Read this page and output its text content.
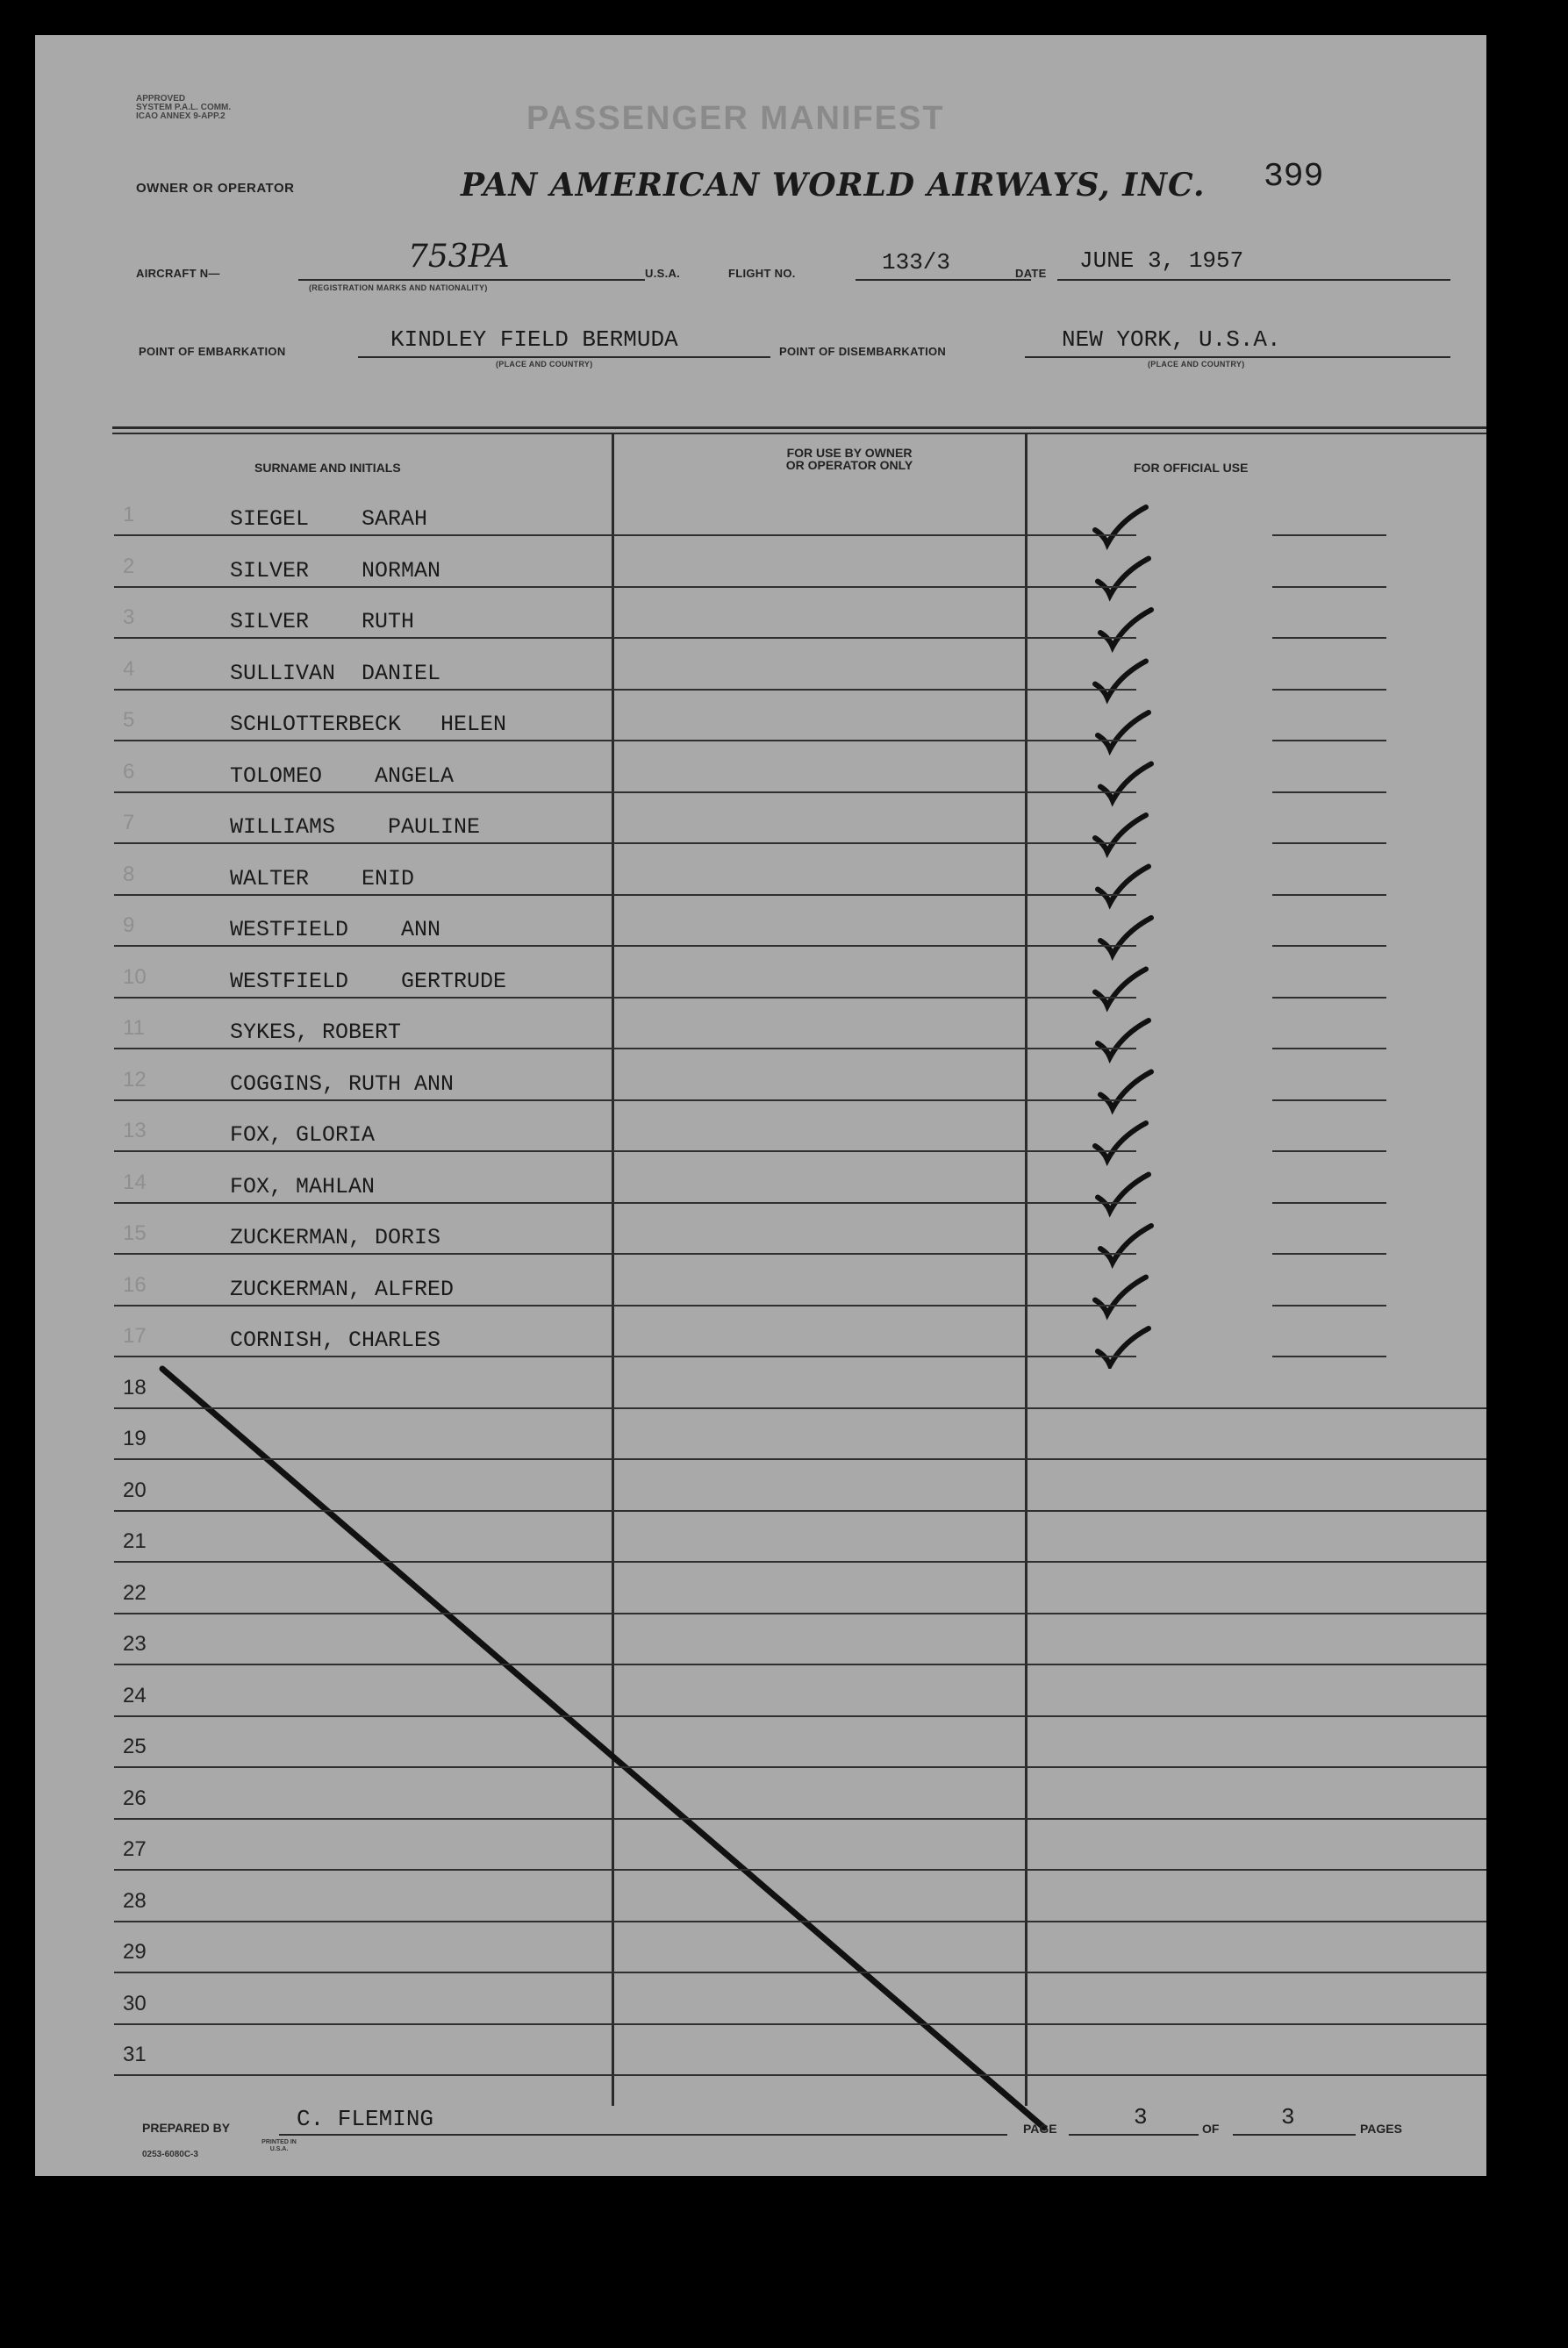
APPROVED
SYSTEM P.A.L. COMM.
ICAO ANNEX 9-APP.2	PASSENGER MANIFEST
OWNER OR OPERATOR	PAN AMERICAN WORLD AIRWAYS, INC. 399
AIRCRAFT N—	753PA
(REGISTRATION MARKS AND NATIONALITY)
U.S.A.	FLIGHT NO.	133/3	DATE JUNE 3, 1957
POINT OF EMBARKATION	KINDLEY FIELD BERMUDA
(PLACE AND COUNTRY)
POINT OF DISEMBARKATION	NEW YORK, U.S.A.
(PLACE AND COUNTRY)
SURNAME AND INITIALS
FOR USE BY OWNER
OR OPERATOR ONLY	FOR OFFICIAL USE
1	SIEGEL    SARAH
2	SILVER    NORMAN
3	SILVER    RUTH
4	SULLIVAN  DANIEL
5	SCHLOTTERBECK   HELEN
6	TOLOMEO    ANGELA
7	WILLIAMS    PAULINE
8	WALTER    ENID
9	WESTFIELD    ANN
10	WESTFIELD    GERTRUDE
11	SYKES, ROBERT
12	COGGINS, RUTH ANN
13	FOX, GLORIA
14	FOX, MAHLAN
15	ZUCKERMAN, DORIS
16	ZUCKERMAN, ALFRED
17	CORNISH, CHARLES
18
19
20
21
22
23
24
25
26
27
28
29
30
31
PREPARED BY	C. FLEMING
0253-6080C-3
PRINTED IN U.S.A.
PAGE	3	OF	3	PAGES
